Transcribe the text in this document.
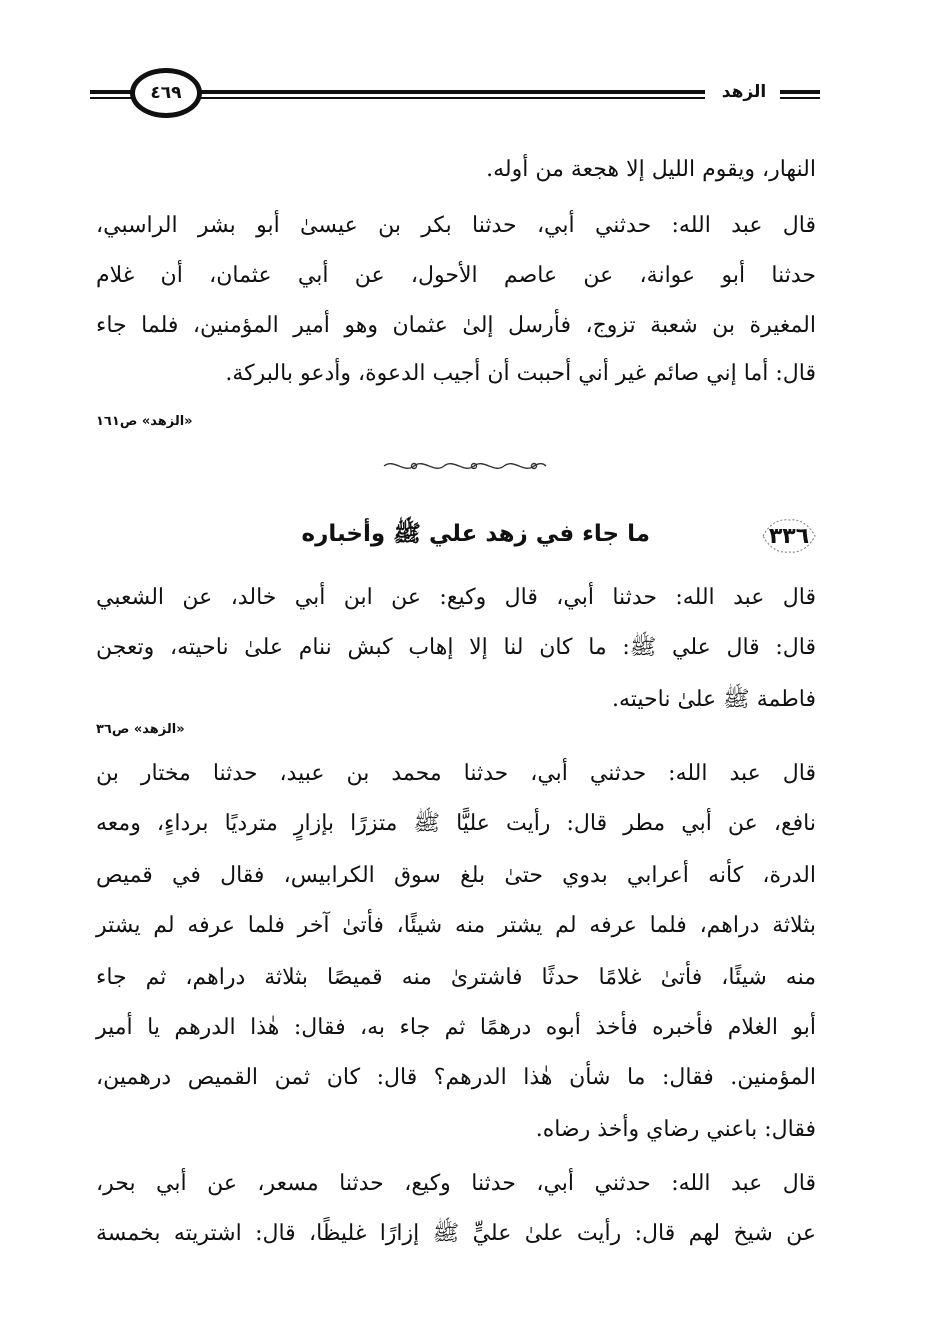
٤٦٩	الزهد
النهار، ويقوم الليل إلا هجعة من أوله.
قال عبد الله: حدثني أبي، حدثنا بكر بن عيسىٰ أبو بشر الراسبي،
حدثنا أبو عوانة، عن عاصم الأحول، عن أبي عثمان، أن غلام
المغيرة بن شعبة تزوج، فأرسل إلىٰ عثمان وهو أمير المؤمنين، فلما جاء
قال: أما إني صائم غير أني أحببت أن أجيب الدعوة، وأدعو بالبركة.
«الزهد» ص١٦١
٣٣٦
ما جاء في زهد علي ﷺ وأخباره
قال عبد الله: حدثنا أبي، قال وكيع: عن ابن أبي خالد، عن الشعبي
قال: قال علي ﷺ: ما كان لنا إلا إهاب كبش ننام علىٰ ناحيته، وتعجن
فاطمة ﷺ علىٰ ناحيته.
«الزهد» ص٣٦
قال عبد الله: حدثني أبي، حدثنا محمد بن عبيد، حدثنا مختار بن
نافع، عن أبي مطر قال: رأيت عليًّا ﷺ متزرًا بإزارٍ مترديًا برداءٍ، ومعه
الدرة، كأنه أعرابي بدوي حتىٰ بلغ سوق الكرابيس، فقال في قميص
بثلاثة دراهم، فلما عرفه لم يشتر منه شيئًا، فأتىٰ آخر فلما عرفه لم يشتر
منه شيئًا، فأتىٰ غلامًا حدثًا فاشترىٰ منه قميصًا بثلاثة دراهم، ثم جاء
أبو الغلام فأخبره فأخذ أبوه درهمًا ثم جاء به، فقال: هٰذا الدرهم يا أمير
المؤمنين. فقال: ما شأن هٰذا الدرهم؟ قال: كان ثمن القميص درهمين،
فقال: باعني رضاي وأخذ رضاه.
قال عبد الله: حدثني أبي، حدثنا وكيع، حدثنا مسعر، عن أبي بحر،
عن شيخ لهم قال: رأيت علىٰ عليٍّ ﷺ إزارًا غليظًا، قال: اشتريته بخمسة
